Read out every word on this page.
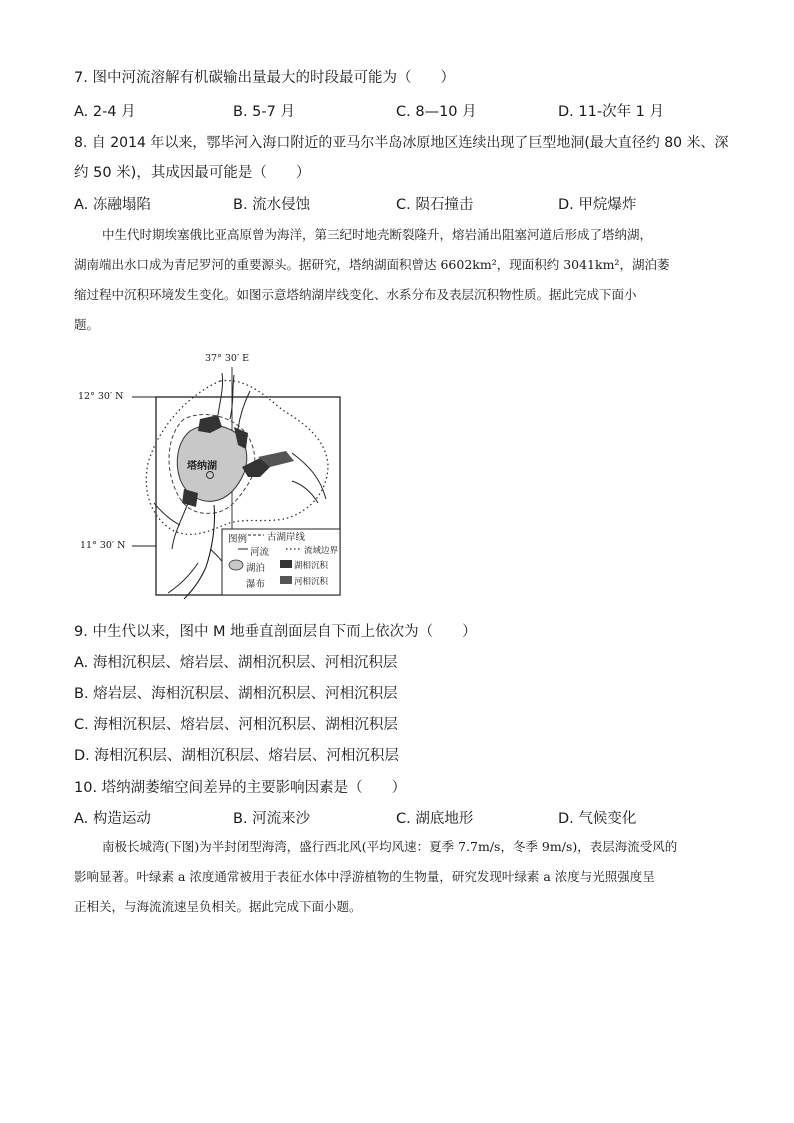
7. 图中河流溶解有机碳输出量最大的时段最可能为（　　）
A. 2-4 月	B. 5-7 月	C. 8—10 月	D. 11-次年 1 月
8. 自 2014 年以来，鄂毕河入海口附近的亚马尔半岛冰原地区连续出现了巨型地洞(最大直径约 80 米、深
约 50 米)，其成因最可能是（　　）
A. 冻融塌陷	B. 流水侵蚀	C. 陨石撞击	D. 甲烷爆炸
中生代时期埃塞俄比亚高原曾为海洋，第三纪时地壳断裂隆升，熔岩涌出阻塞河道后形成了塔纳湖，
湖南端出水口成为青尼罗河的重要源头。据研究，塔纳湖面积曾达 6602km²，现面积约 3041km²，湖泊萎
缩过程中沉积环境发生变化。如图示意塔纳湖岸线变化、水系分布及表层沉积物性质。据此完成下面小
题。
37° 30′ E
12° 30′ N
11° 30′ N
塔纳湖
图例 古湖岸线
河流	流域边界
湖泊	湖相沉积
瀑布	河相沉积
9. 中生代以来，图中 M 地垂直剖面层自下而上依次为（　　）
A. 海相沉积层、熔岩层、湖相沉积层、河相沉积层
B. 熔岩层、海相沉积层、湖相沉积层、河相沉积层
C. 海相沉积层、熔岩层、河相沉积层、湖相沉积层
D. 海相沉积层、湖相沉积层、熔岩层、河相沉积层
10. 塔纳湖萎缩空间差异的主要影响因素是（　　）
A. 构造运动	B. 河流来沙	C. 湖底地形	D. 气候变化
南极长城湾(下图)为半封闭型海湾，盛行西北风(平均风速：夏季 7.7m/s，冬季 9m/s)，表层海流受风的
影响显著。叶绿素 a 浓度通常被用于表征水体中浮游植物的生物量，研究发现叶绿素 a 浓度与光照强度呈
正相关，与海流流速呈负相关。据此完成下面小题。
